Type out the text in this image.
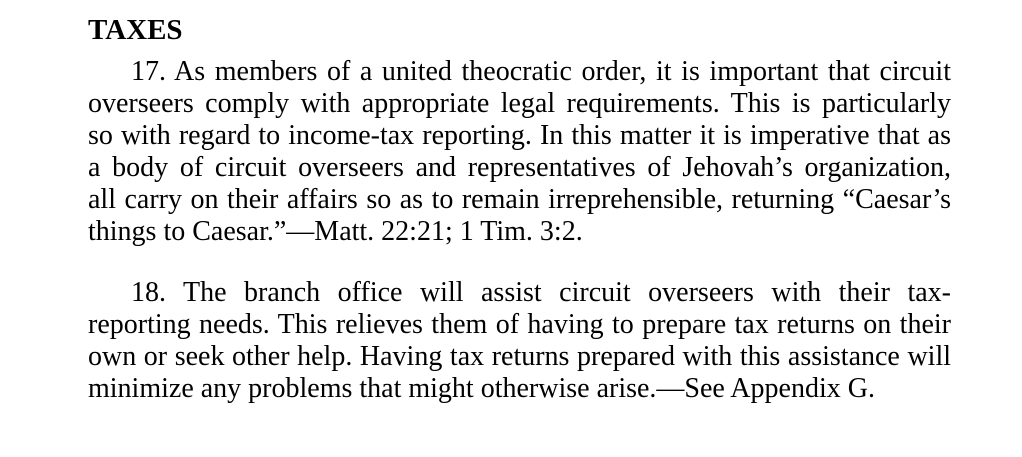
TAXES
17. As members of a united theocratic order, it is important that circuit
overseers comply with appropriate legal requirements. This is particularly
so with regard to income-tax reporting. In this matter it is imperative that as
a body of circuit overseers and representatives of Jehovah’s organization,
all carry on their affairs so as to remain irreprehensible, returning “Caesar’s
things to Caesar.”—Matt. 22:21; 1 Tim. 3:2.
18. The branch office will assist circuit overseers with their tax-
reporting needs. This relieves them of having to prepare tax returns on their
own or seek other help. Having tax returns prepared with this assistance will
minimize any problems that might otherwise arise.—See Appendix G.
